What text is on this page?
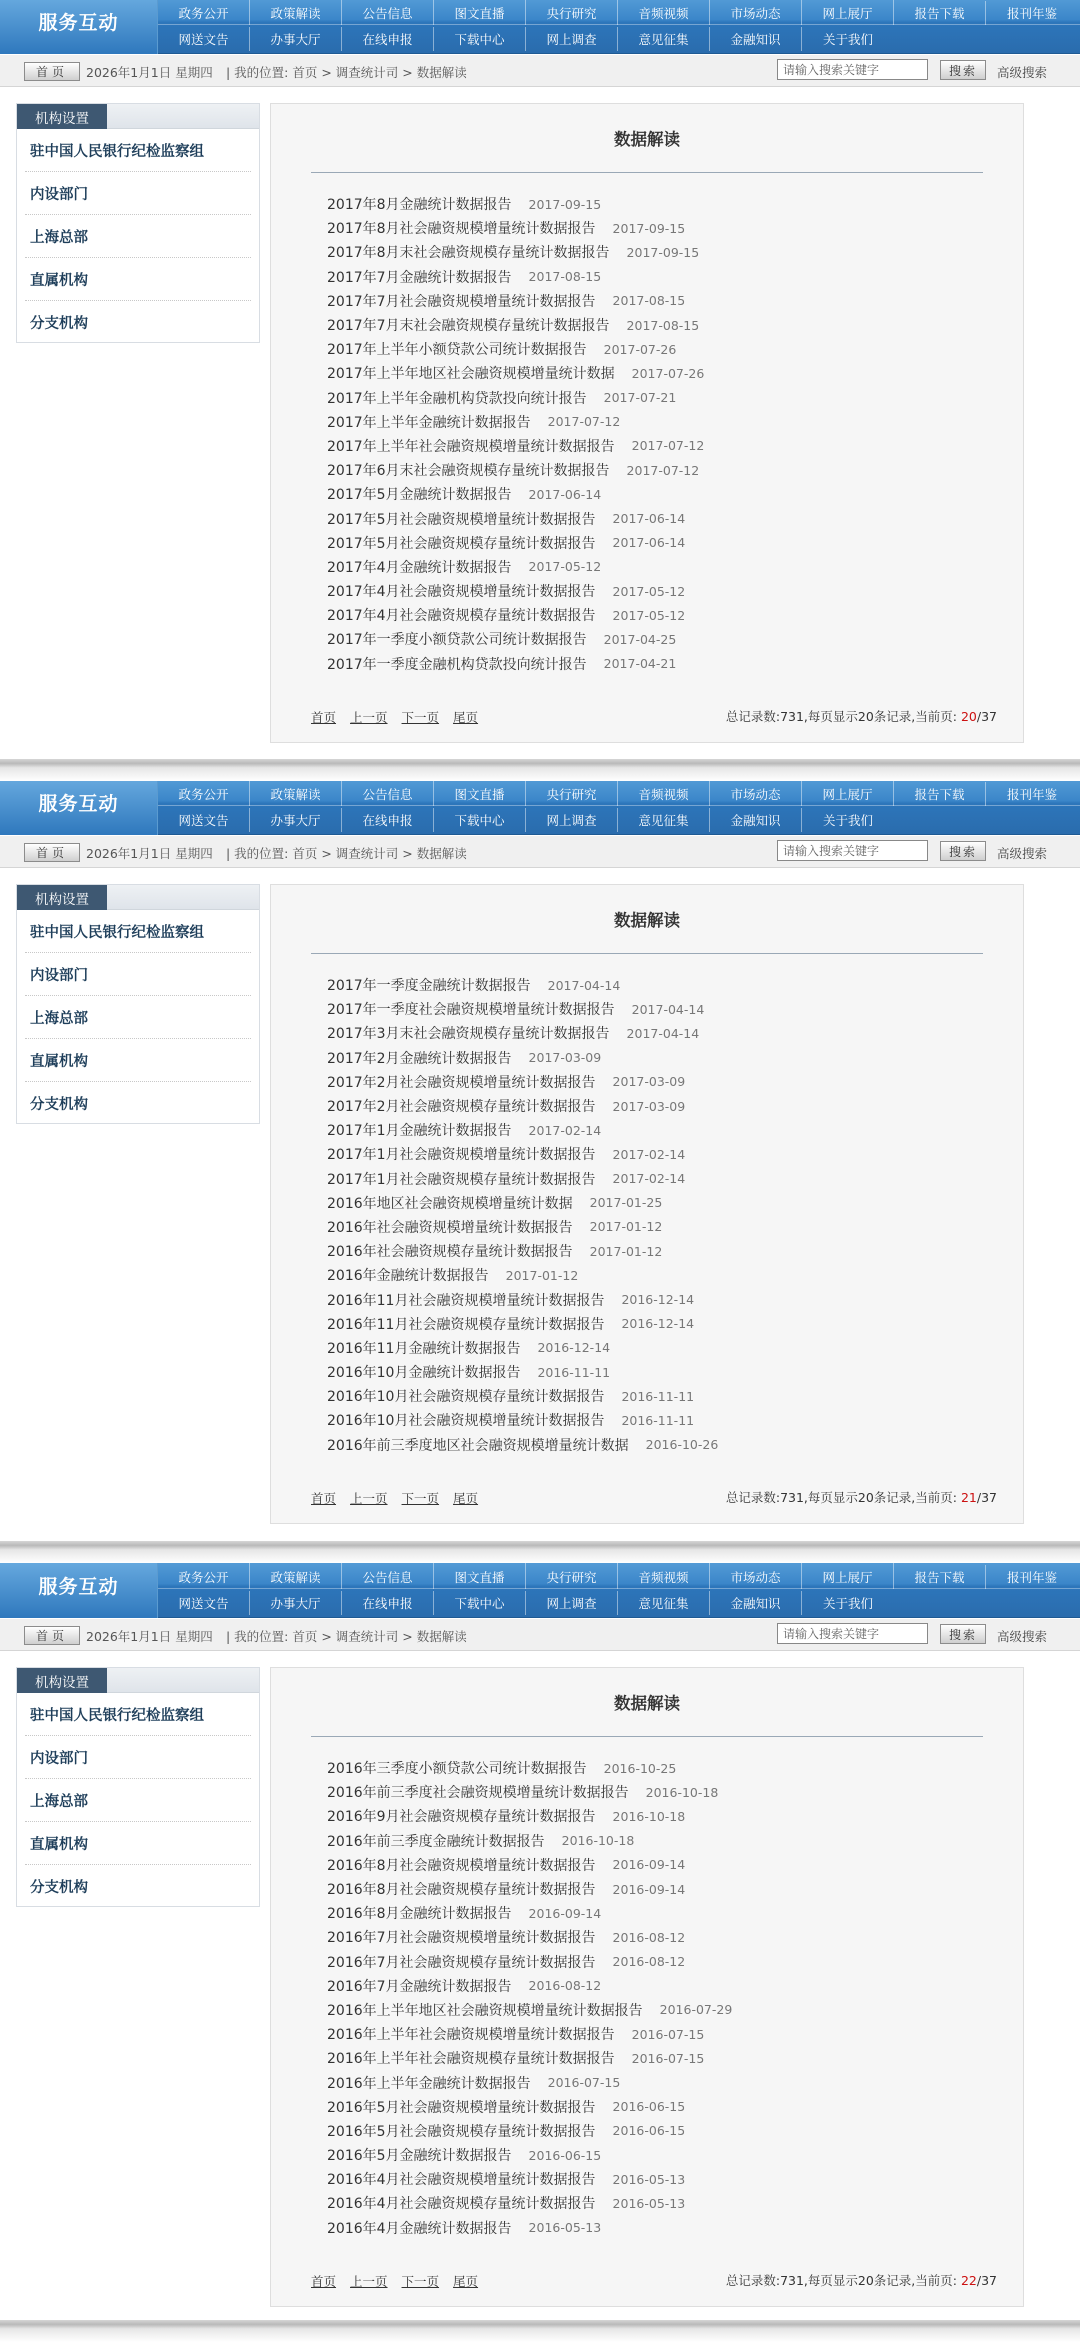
服务互动	政务公开	政策解读	公告信息	图文直播	央行研究	音频视频	市场动态	网上展厅	报告下载	报刊年鉴
网送文告	办事大厅	在线申报	下载中心	网上调查	意见征集	金融知识	关于我们
首页	2026年1月1日 星期四 | 我的位置: 首页 > 调查统计司 > 数据解读	请输入搜索关键字	搜索	高级搜索
机构设置
驻中国人民银行纪检监察组
内设部门
上海总部
直属机构
分支机构
数据解读
2017年8月金融统计数据报告 2017-09-15
2017年8月社会融资规模增量统计数据报告 2017-09-15
2017年8月末社会融资规模存量统计数据报告 2017-09-15
2017年7月金融统计数据报告 2017-08-15
2017年7月社会融资规模增量统计数据报告 2017-08-15
2017年7月末社会融资规模存量统计数据报告 2017-08-15
2017年上半年小额贷款公司统计数据报告 2017-07-26
2017年上半年地区社会融资规模增量统计数据 2017-07-26
2017年上半年金融机构贷款投向统计报告 2017-07-21
2017年上半年金融统计数据报告 2017-07-12
2017年上半年社会融资规模增量统计数据报告 2017-07-12
2017年6月末社会融资规模存量统计数据报告 2017-07-12
2017年5月金融统计数据报告 2017-06-14
2017年5月社会融资规模增量统计数据报告 2017-06-14
2017年5月社会融资规模存量统计数据报告 2017-06-14
2017年4月金融统计数据报告 2017-05-12
2017年4月社会融资规模增量统计数据报告 2017-05-12
2017年4月社会融资规模存量统计数据报告 2017-05-12
2017年一季度小额贷款公司统计数据报告 2017-04-25
2017年一季度金融机构贷款投向统计报告 2017-04-21
首页 上一页 下一页 尾页	总记录数:731,每页显示20条记录,当前页: 20/37
服务互动	政务公开	政策解读	公告信息	图文直播	央行研究	音频视频	市场动态	网上展厅	报告下载	报刊年鉴
网送文告	办事大厅	在线申报	下载中心	网上调查	意见征集	金融知识	关于我们
首页	2026年1月1日 星期四 | 我的位置: 首页 > 调查统计司 > 数据解读	请输入搜索关键字	搜索	高级搜索
机构设置
驻中国人民银行纪检监察组
内设部门
上海总部
直属机构
分支机构
数据解读
2017年一季度金融统计数据报告 2017-04-14
2017年一季度社会融资规模增量统计数据报告 2017-04-14
2017年3月末社会融资规模存量统计数据报告 2017-04-14
2017年2月金融统计数据报告 2017-03-09
2017年2月社会融资规模增量统计数据报告 2017-03-09
2017年2月社会融资规模存量统计数据报告 2017-03-09
2017年1月金融统计数据报告 2017-02-14
2017年1月社会融资规模增量统计数据报告 2017-02-14
2017年1月社会融资规模存量统计数据报告 2017-02-14
2016年地区社会融资规模增量统计数据 2017-01-25
2016年社会融资规模增量统计数据报告 2017-01-12
2016年社会融资规模存量统计数据报告 2017-01-12
2016年金融统计数据报告 2017-01-12
2016年11月社会融资规模增量统计数据报告 2016-12-14
2016年11月社会融资规模存量统计数据报告 2016-12-14
2016年11月金融统计数据报告 2016-12-14
2016年10月金融统计数据报告 2016-11-11
2016年10月社会融资规模存量统计数据报告 2016-11-11
2016年10月社会融资规模增量统计数据报告 2016-11-11
2016年前三季度地区社会融资规模增量统计数据 2016-10-26
首页 上一页 下一页 尾页	总记录数:731,每页显示20条记录,当前页: 21/37
服务互动	政务公开	政策解读	公告信息	图文直播	央行研究	音频视频	市场动态	网上展厅	报告下载	报刊年鉴
网送文告	办事大厅	在线申报	下载中心	网上调查	意见征集	金融知识	关于我们
首页	2026年1月1日 星期四 | 我的位置: 首页 > 调查统计司 > 数据解读	请输入搜索关键字	搜索	高级搜索
机构设置
驻中国人民银行纪检监察组
内设部门
上海总部
直属机构
分支机构
数据解读
2016年三季度小额贷款公司统计数据报告 2016-10-25
2016年前三季度社会融资规模增量统计数据报告 2016-10-18
2016年9月社会融资规模存量统计数据报告 2016-10-18
2016年前三季度金融统计数据报告 2016-10-18
2016年8月社会融资规模增量统计数据报告 2016-09-14
2016年8月社会融资规模存量统计数据报告 2016-09-14
2016年8月金融统计数据报告 2016-09-14
2016年7月社会融资规模增量统计数据报告 2016-08-12
2016年7月社会融资规模存量统计数据报告 2016-08-12
2016年7月金融统计数据报告 2016-08-12
2016年上半年地区社会融资规模增量统计数据报告 2016-07-29
2016年上半年社会融资规模增量统计数据报告 2016-07-15
2016年上半年社会融资规模存量统计数据报告 2016-07-15
2016年上半年金融统计数据报告 2016-07-15
2016年5月社会融资规模增量统计数据报告 2016-06-15
2016年5月社会融资规模存量统计数据报告 2016-06-15
2016年5月金融统计数据报告 2016-06-15
2016年4月社会融资规模增量统计数据报告 2016-05-13
2016年4月社会融资规模存量统计数据报告 2016-05-13
2016年4月金融统计数据报告 2016-05-13
首页 上一页 下一页 尾页	总记录数:731,每页显示20条记录,当前页: 22/37
